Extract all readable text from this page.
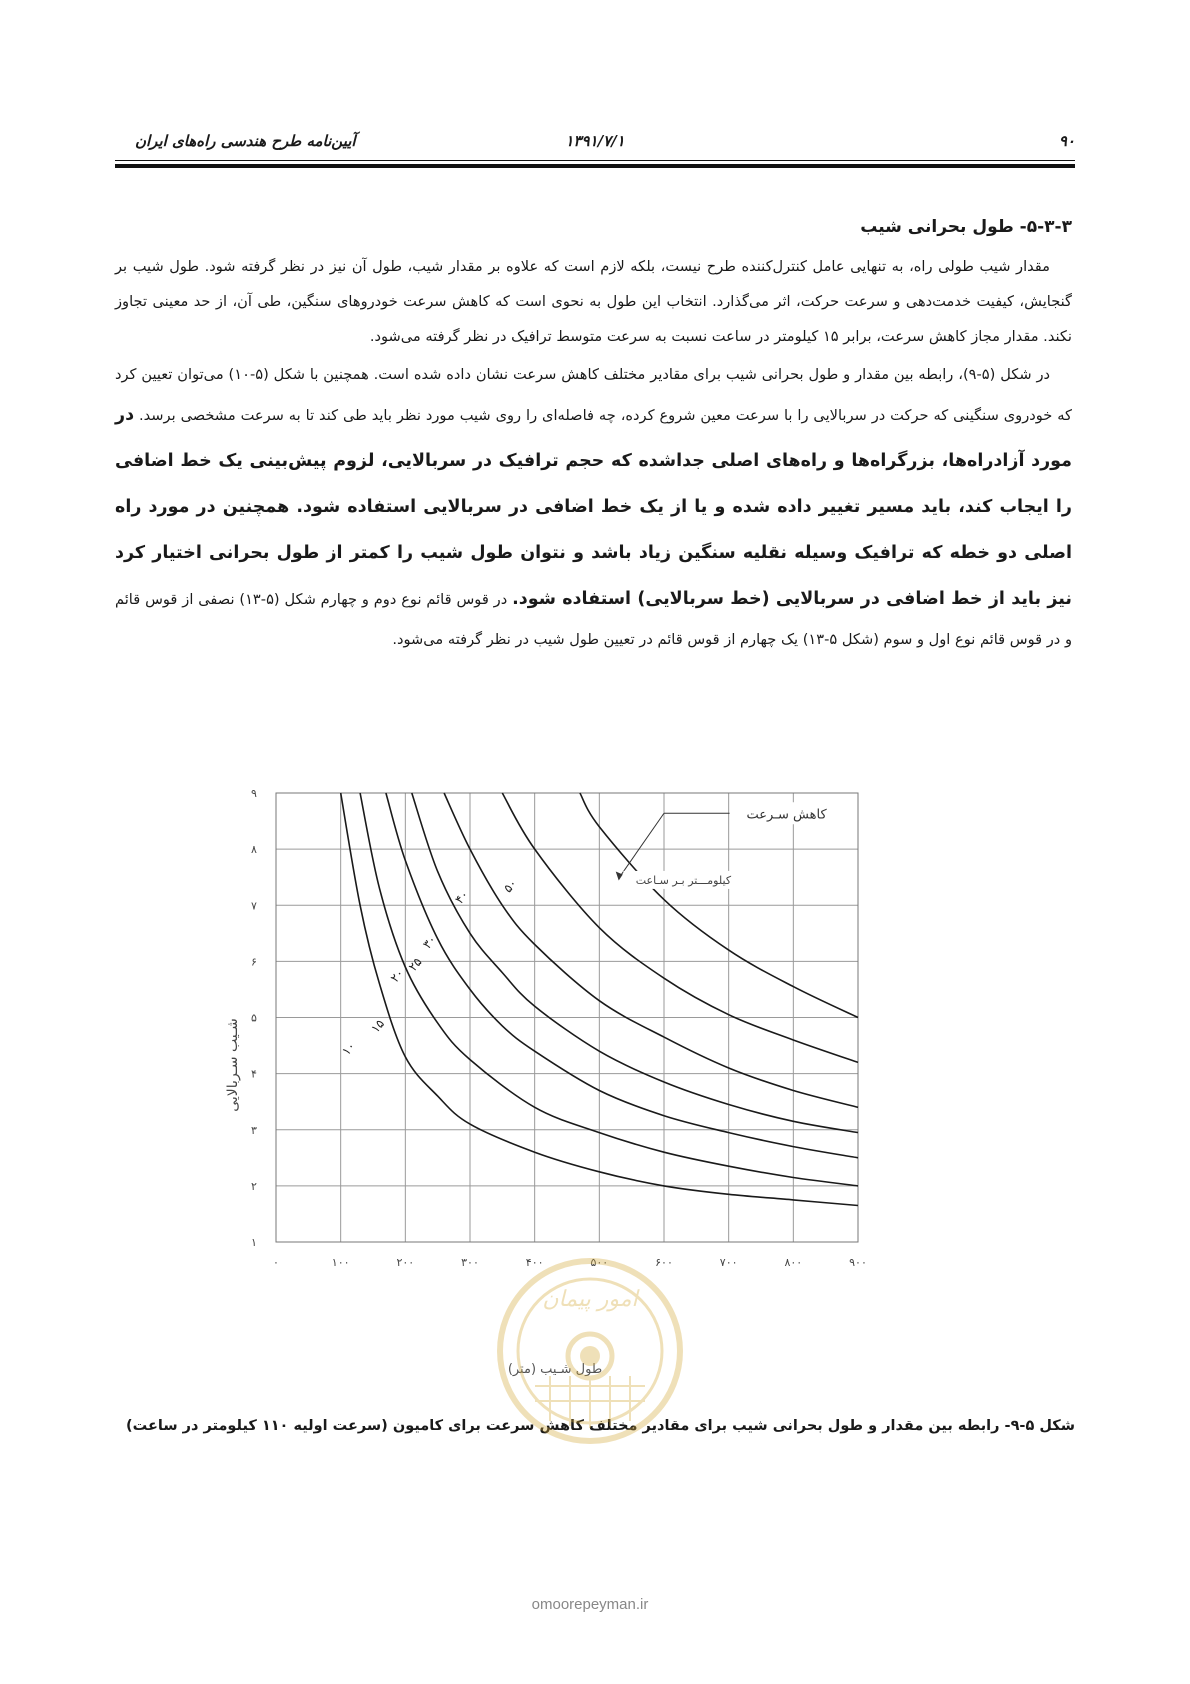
۹۰
۱۳۹۱/۷/۱
آیین‌نامه طرح هندسی راه‌های ایران
۵-۳-۳- طول بحرانی شیب

مقدار شیب طولی راه، به تنهایی عامل کنترل‌کننده طرح نیست، بلکه لازم است که علاوه بر مقدار شیب، طول آن نیز در نظر گرفته شود. طول شیب بر گنجایش، کیفیت خدمت‌دهی و سرعت حرکت، اثر می‌گذارد. انتخاب این طول به نحوی است که کاهش سرعت خودروهای سنگین، طی آن، از حد معینی تجاوز نکند. مقدار مجاز کاهش سرعت، برابر ۱۵ کیلومتر در ساعت نسبت به سرعت متوسط ترافیک در نظر گرفته می‌شود.

در شکل (۵-۹)، رابطه بین مقدار و طول بحرانی شیب برای مقادیر مختلف کاهش سرعت نشان داده شده است. همچنین با شکل (۵-۱۰) می‌توان تعیین کرد که خودروی سنگینی که حرکت در سربالایی را با سرعت معین شروع کرده، چه فاصله‌ای را روی شیب مورد نظر باید طی کند تا به سرعت مشخصی برسد. در مورد آزادراه‌ها، بزرگراه‌ها و راه‌های اصلی جداشده که حجم ترافیک در سربالایی، لزوم پیش‌بینی یک خط اضافی را ایجاب کند، باید مسیر تغییر داده شده و یا از یک خط اضافی در سربالایی استفاده شود. همچنین در مورد راه اصلی دو خطه که ترافیک وسیله نقلیه سنگین زیاد باشد و نتوان طول شیب را کمتر از طول بحرانی اختیار کرد نیز باید از خط اضافی در سربالایی (خط سربالایی) استفاده شود. در قوس قائم نوع دوم و چهارم شکل (۵-۱۳) نصفی از قوس قائم و در قوس قائم نوع اول و سوم (شکل ۵-۱۳) یک چهارم از قوس قائم در تعیین طول شیب در نظر گرفته می‌شود.

۰	۱۰۰	۲۰۰	۳۰۰	۴۰۰	۵۰۰	۶۰۰	۷۰۰	۸۰۰	۹۰۰
۱
۲
۳
۴
۵
۶
۷
۸
۹
۱۰
۱۵
۲۰
۲۵
۳۰
۴۰
۵۰
کاهش سـرعت
کیلومـــتر بـر سـاعت
شـیب سـربالایی
طول شـیب (متر)
شکل ۵-۹- رابطه بین مقدار و طول بحرانی شیب برای مقادیر مختلف کاهش سرعت برای کامیون (سرعت اولیه ۱۱۰ کیلومتر در ساعت)
امور پیمان
omoorepeyman.ir
